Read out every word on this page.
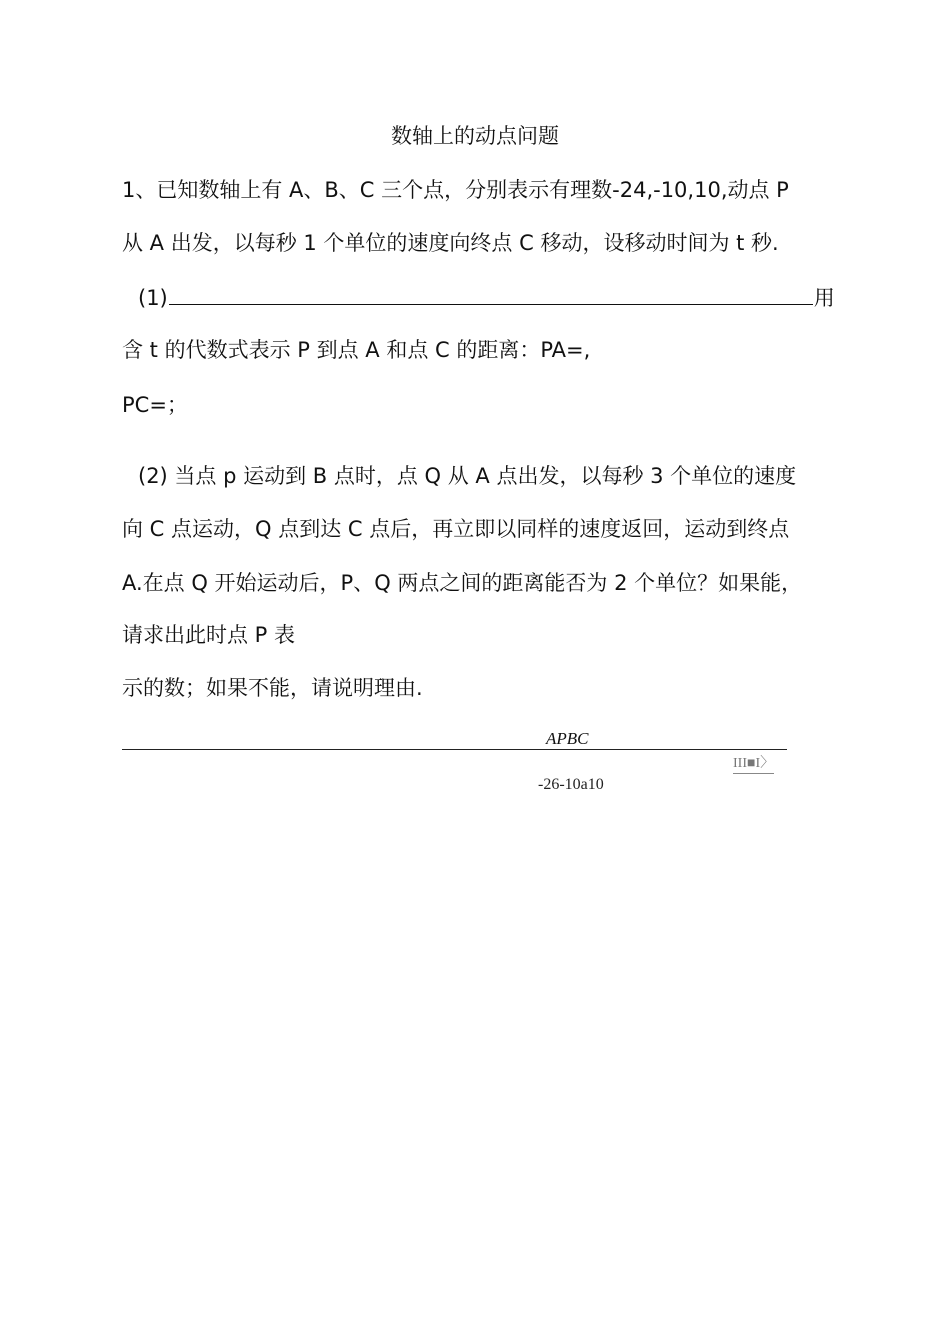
数轴上的动点问题
1、已知数轴上有 A、B、C 三个点，分别表示有理数-24,-10,10,动点 P
从 A 出发，以每秒 1 个单位的速度向终点 C 移动，设移动时间为 t 秒.
(1)	用
含 t 的代数式表示 P 到点 A 和点 C 的距离：PA=,
PC=；
(2) 当点 p 运动到 B 点时，点 Q 从 A 点出发，以每秒 3 个单位的速度
向 C 点运动，Q 点到达 C 点后，再立即以同样的速度返回，运动到终点
A.在点 Q 开始运动后，P、Q 两点之间的距离能否为 2 个单位？如果能，
请求出此时点 P 表
示的数；如果不能，请说明理由.
APBC
III■I〉
-26-10a10
